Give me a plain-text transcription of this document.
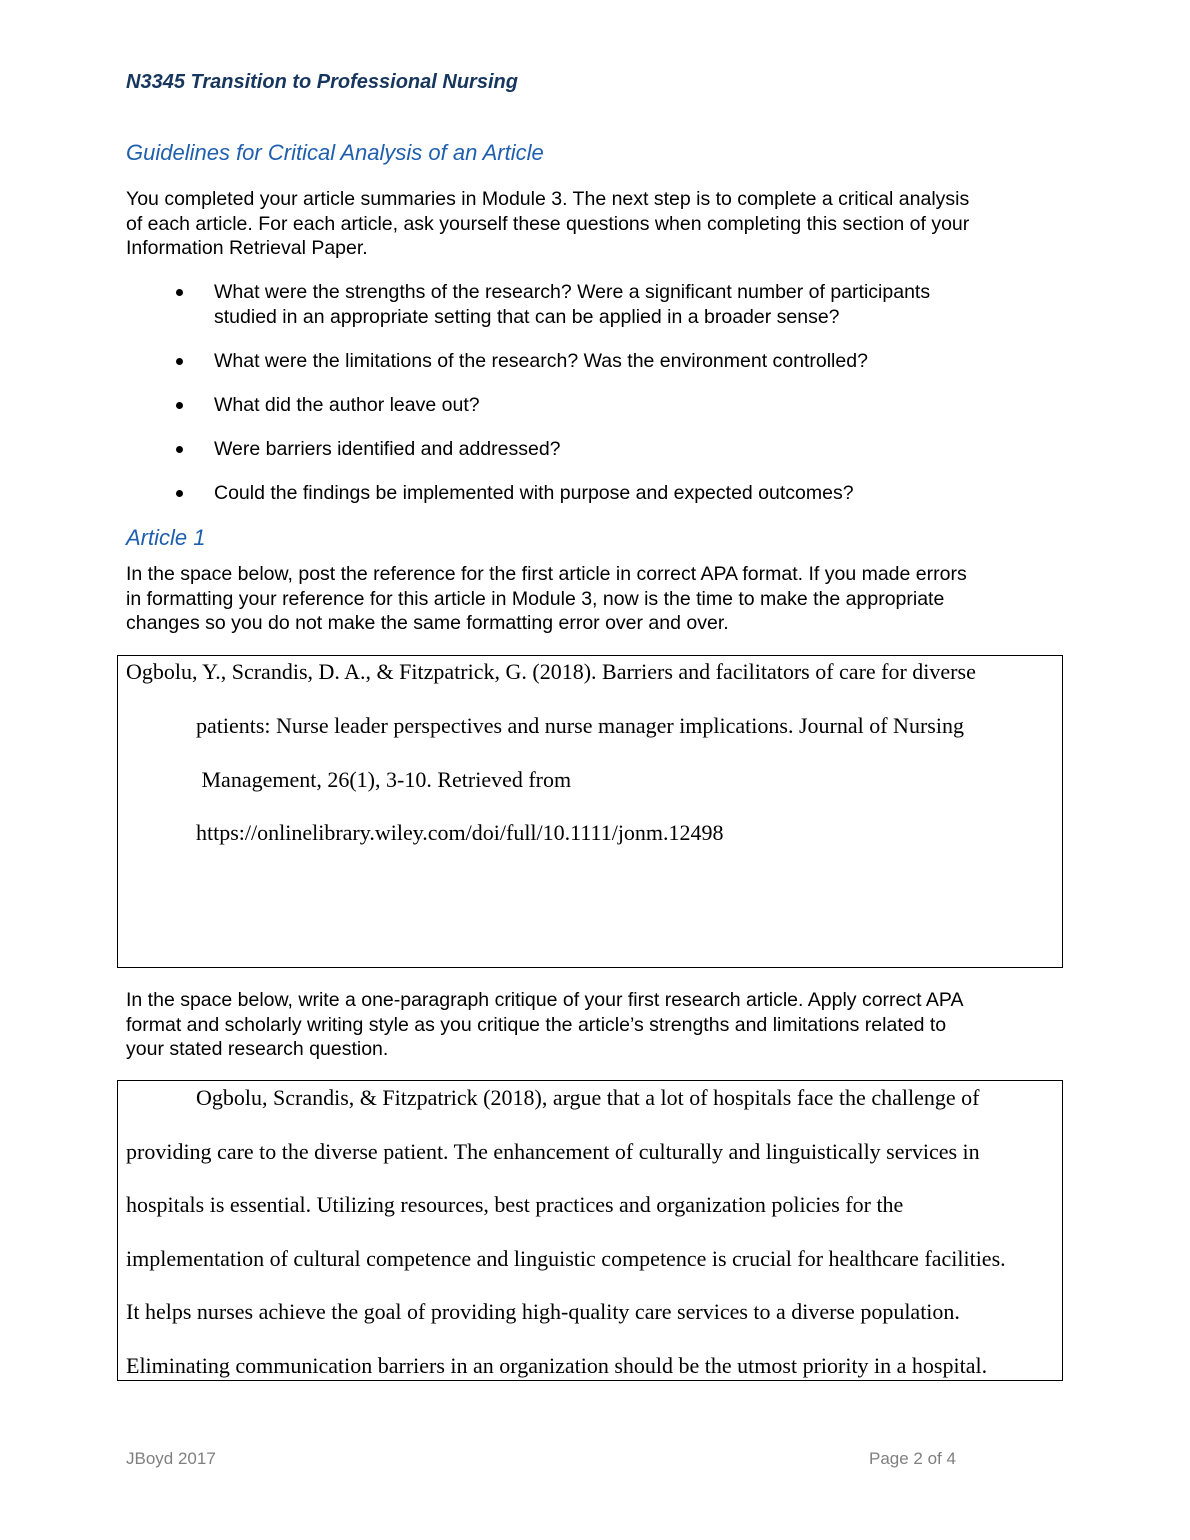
N3345 Transition to Professional Nursing
Guidelines for Critical Analysis of an Article
You completed your article summaries in Module 3. The next step is to complete a critical analysis
of each article. For each article, ask yourself these questions when completing this section of your
Information Retrieval Paper.
What were the strengths of the research? Were a significant number of participants
studied in an appropriate setting that can be applied in a broader sense?
What were the limitations of the research? Was the environment controlled?
What did the author leave out?
Were barriers identified and addressed?
Could the findings be implemented with purpose and expected outcomes?
Article 1
In the space below, post the reference for the first article in correct APA format. If you made errors
in formatting your reference for this article in Module 3, now is the time to make the appropriate
changes so you do not make the same formatting error over and over.
Ogbolu, Y., Scrandis, D. A., & Fitzpatrick, G. (2018). Barriers and facilitators of care for diverse
patients: Nurse leader perspectives and nurse manager implications. Journal of Nursing
Management, 26(1), 3-10. Retrieved from
https://onlinelibrary.wiley.com/doi/full/10.1111/jonm.12498
In the space below, write a one-paragraph critique of your first research article. Apply correct APA
format and scholarly writing style as you critique the article’s strengths and limitations related to
your stated research question.
Ogbolu, Scrandis, & Fitzpatrick (2018), argue that a lot of hospitals face the challenge of
providing care to the diverse patient. The enhancement of culturally and linguistically services in
hospitals is essential. Utilizing resources, best practices and organization policies for the
implementation of cultural competence and linguistic competence is crucial for healthcare facilities.
It helps nurses achieve the goal of providing high-quality care services to a diverse population.
Eliminating communication barriers in an organization should be the utmost priority in a hospital.
JBoyd 2017	Page 2 of 4
